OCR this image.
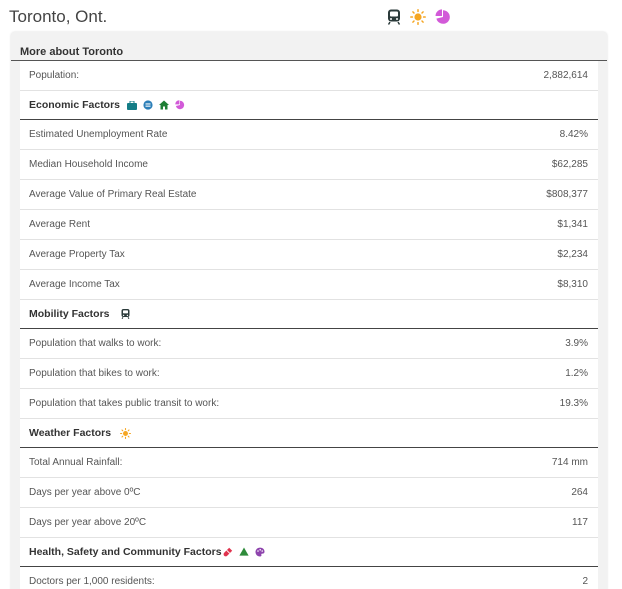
Toronto, Ont.
More about Toronto
Population:	2,882,614
Economic Factors
Estimated Unemployment Rate	8.42%
Median Household Income	$62,285
Average Value of Primary Real Estate	$808,377
Average Rent	$1,341
Average Property Tax	$2,234
Average Income Tax	$8,310
Mobility Factors
Population that walks to work:	3.9%
Population that bikes to work:	1.2%
Population that takes public transit to work:	19.3%
Weather Factors
Total Annual Rainfall:	714 mm
Days per year above 0ºC	264
Days per year above 20ºC	117
Health, Safety and Community Factors
Doctors per 1,000 residents:	2
